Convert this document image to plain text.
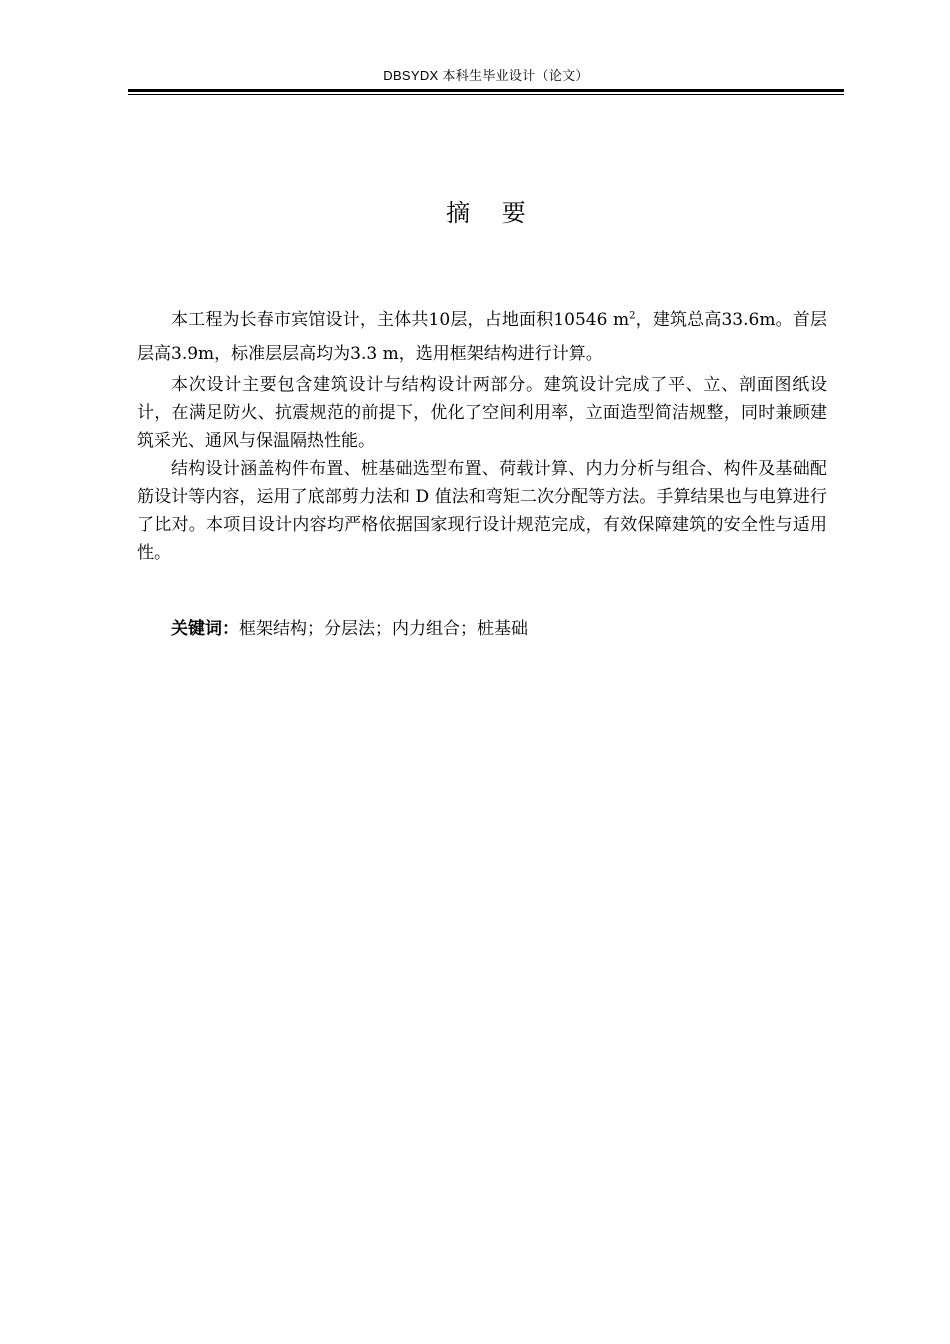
DBSYDX 本科生毕业设计（论文）
摘 要

本工程为长春市宾馆设计，主体共10层，占地面积10546 $m^2$，建筑总高33.6m。首层层高3.9m，标准层层高均为3.3 m，选用框架结构进行计算。

本次设计主要包含建筑设计与结构设计两部分。建筑设计完成了平、立、剖面图纸设计，在满足防火、抗震规范的前提下，优化了空间利用率，立面造型简洁规整，同时兼顾建筑采光、通风与保温隔热性能。

结构设计涵盖构件布置、桩基础选型布置、荷载计算、内力分析与组合、构件及基础配筋设计等内容，运用了底部剪力法和 D 值法和弯矩二次分配等方法。手算结果也与电算进行了比对。本项目设计内容均严格依据国家现行设计规范完成，有效保障建筑的安全性与适用性。

关键词：框架结构；分层法；内力组合；桩基础
